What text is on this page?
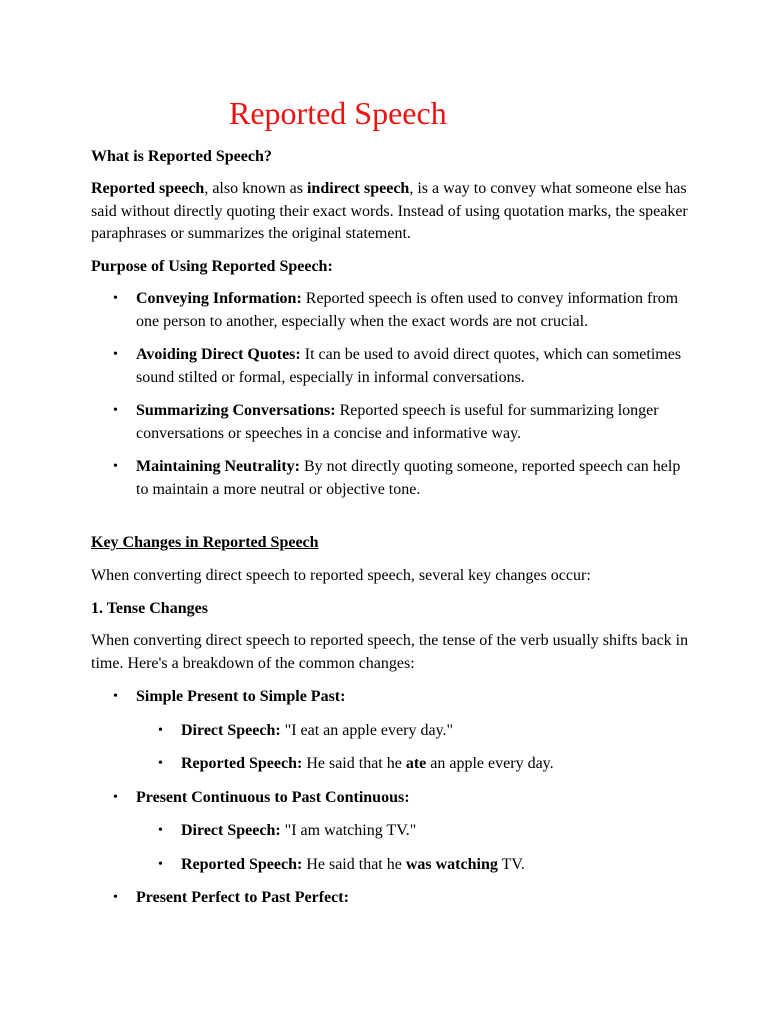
Reported Speech

What is Reported Speech?

Reported speech, also known as indirect speech, is a way to convey what someone else has said without directly quoting their exact words. Instead of using quotation marks, the speaker paraphrases or summarizes the original statement.

Purpose of Using Reported Speech:

• Conveying Information: Reported speech is often used to convey information from one person to another, especially when the exact words are not crucial.
• Avoiding Direct Quotes: It can be used to avoid direct quotes, which can sometimes sound stilted or formal, especially in informal conversations.
• Summarizing Conversations: Reported speech is useful for summarizing longer conversations or speeches in a concise and informative way.
• Maintaining Neutrality: By not directly quoting someone, reported speech can help to maintain a more neutral or objective tone.

Key Changes in Reported Speech

When converting direct speech to reported speech, several key changes occur:

1. Tense Changes

When converting direct speech to reported speech, the tense of the verb usually shifts back in time. Here's a breakdown of the common changes:

• Simple Present to Simple Past:
• Direct Speech: "I eat an apple every day."
• Reported Speech: He said that he ate an apple every day.
• Present Continuous to Past Continuous:
• Direct Speech: "I am watching TV."
• Reported Speech: He said that he was watching TV.
• Present Perfect to Past Perfect:
